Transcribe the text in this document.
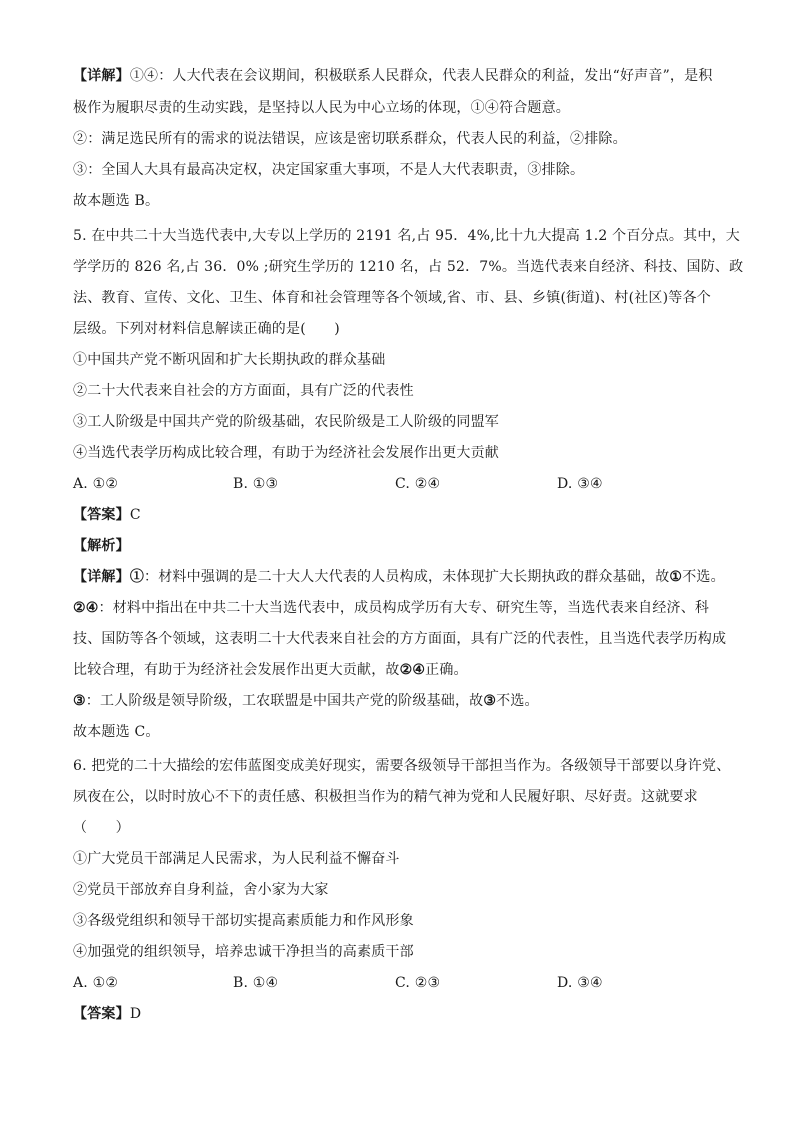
【详解】①④：人大代表在会议期间，积极联系人民群众，代表人民群众的利益，发出“好声音”，是积
极作为履职尽责的生动实践，是坚持以人民为中心立场的体现，①④符合题意。
②：满足选民所有的需求的说法错误，应该是密切联系群众，代表人民的利益，②排除。
③：全国人大具有最高决定权，决定国家重大事项，不是人大代表职责，③排除。
故本题选 B。
5. 在中共二十大当选代表中,大专以上学历的 2191 名,占 95．4%,比十九大提高 1.2 个百分点。其中，大
学学历的 826 名,占 36．0% ;研究生学历的 1210 名，占 52．7%。当选代表来自经济、科技、国防、政
法、教育、宣传、文化、卫生、体育和社会管理等各个领域,省、市、县、乡镇(街道)、村(社区)等各个
层级。下列对材料信息解读正确的是(　　)
①中国共产党不断巩固和扩大长期执政的群众基础
②二十大代表来自社会的方方面面，具有广泛的代表性
③工人阶级是中国共产党的阶级基础，农民阶级是工人阶级的同盟军
④当选代表学历构成比较合理，有助于为经济社会发展作出更大贡献
A. ①②	B. ①③	C. ②④	D. ③④
【答案】C
【解析】
【详解】①：材料中强调的是二十大人大代表的人员构成，未体现扩大长期执政的群众基础，故①不选。
②④：材料中指出在中共二十大当选代表中，成员构成学历有大专、研究生等，当选代表来自经济、科
技、国防等各个领域，这表明二十大代表来自社会的方方面面，具有广泛的代表性，且当选代表学历构成
比较合理，有助于为经济社会发展作出更大贡献，故②④正确。
③：工人阶级是领导阶级，工农联盟是中国共产党的阶级基础，故③不选。
故本题选 C。
6. 把党的二十大描绘的宏伟蓝图变成美好现实，需要各级领导干部担当作为。各级领导干部要以身许党、
夙夜在公，以时时放心不下的责任感、积极担当作为的精气神为党和人民履好职、尽好责。这就要求
（　　）
①广大党员干部满足人民需求，为人民利益不懈奋斗
②党员干部放弃自身利益，舍小家为大家
③各级党组织和领导干部切实提高素质能力和作风形象
④加强党的组织领导，培养忠诚干净担当的高素质干部
A. ①②	B. ①④	C. ②③	D. ③④
【答案】D
